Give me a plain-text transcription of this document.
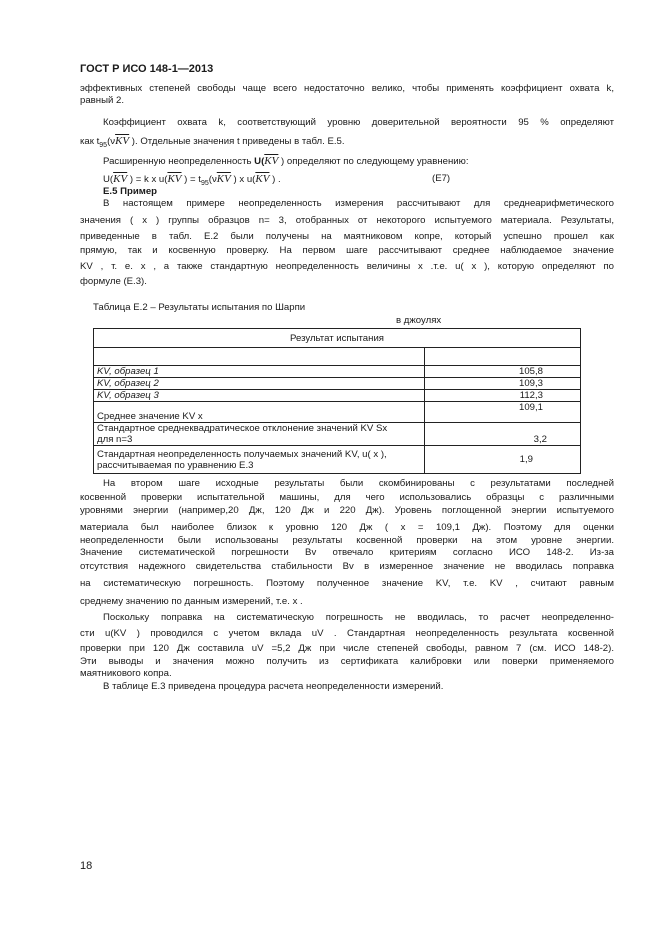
ГОСТ Р ИСО 148-1—2013
эффективных степеней свободы чаще всего недостаточно велико, чтобы применять коэффициент охвата k,
равный 2.
Коэффициент охвата k, соответствующий уровню доверительной вероятности 95 % определяют
как $t_{95}(\nu\overline{KV}$ ). Отдельные значения t приведены в табл. Е.5.
Расширенную неопределенность $U(\overline{KV}$ ) определяют по следующему уравнению:
$U(\overline{KV}$ ) = k x $u(\overline{KV}$ ) = $t_{95}(\nu\overline{KV}$ ) x $u(\overline{KV}$ ) .	(Е7)
Е.5 Пример
В настоящем примере неопределенность измерения рассчитывают для среднеарифметического
значения ( x ) группы образцов n= 3, отобранных от некоторого испытуемого материала. Результаты,
приведенные в табл. Е.2 были получены на маятниковом копре, который успешно прошел как
прямую, так и косвенную проверку. На первом шаге рассчитывают среднее наблюдаемое значение
KV , т. е. x , а также стандартную неопределенность величины x .т.е. u( x ), которую определяют по
формуле (Е.3).
Таблица Е.2 – Результаты испытания по Шарпи
в джоулях
Результат испытания	

KV, образец 1	105,8
KV, образец 2	109,3
KV, образец 3	112,3
Среднее значение KV x	109,1

Стандартное среднеквадратическое отклонение значений KV Sx
для n=3	3,2

Стандартная неопределенность получаемых значений KV, u( x ),
рассчитываемая по уравнению Е.3	1,9
На втором шаге исходные результаты были скомбинированы с результатами последней
косвенной проверки испытательной машины, для чего использовались образцы с различными
уровнями энергии (например,20 Дж, 120 Дж и 220 Дж). Уровень поглощенной энергии испытуемого
материала был наиболее близок к уровню 120 Дж ( x = 109,1 Дж). Поэтому для оценки
неопределенности были использованы результаты косвенной проверки на этом уровне энергии.
Значение систематической погрешности Bv отвечало критериям согласно ИСО 148-2. Из-за
отсутствия надежного свидетельства стабильности Bv в измеренное значение не вводилась поправка
на систематическую погрешность. Поэтому полученное значение KV, т.е. KV , считают равным
среднему значению по данным измерений, т.е. x .
Поскольку поправка на систематическую погрешность не вводилась, то расчет неопределенно-
сти u(KV ) проводился с учетом вклада uV . Стандартная неопределенность результата косвенной
проверки при 120 Дж составила uV =5,2 Дж при числе степеней свободы, равном 7 (см. ИСО 148-2).
Эти выводы и значения можно получить из сертификата калибровки или поверки применяемого
маятникового копра.
В таблице Е.3 приведена процедура расчета неопределенности измерений.
18
